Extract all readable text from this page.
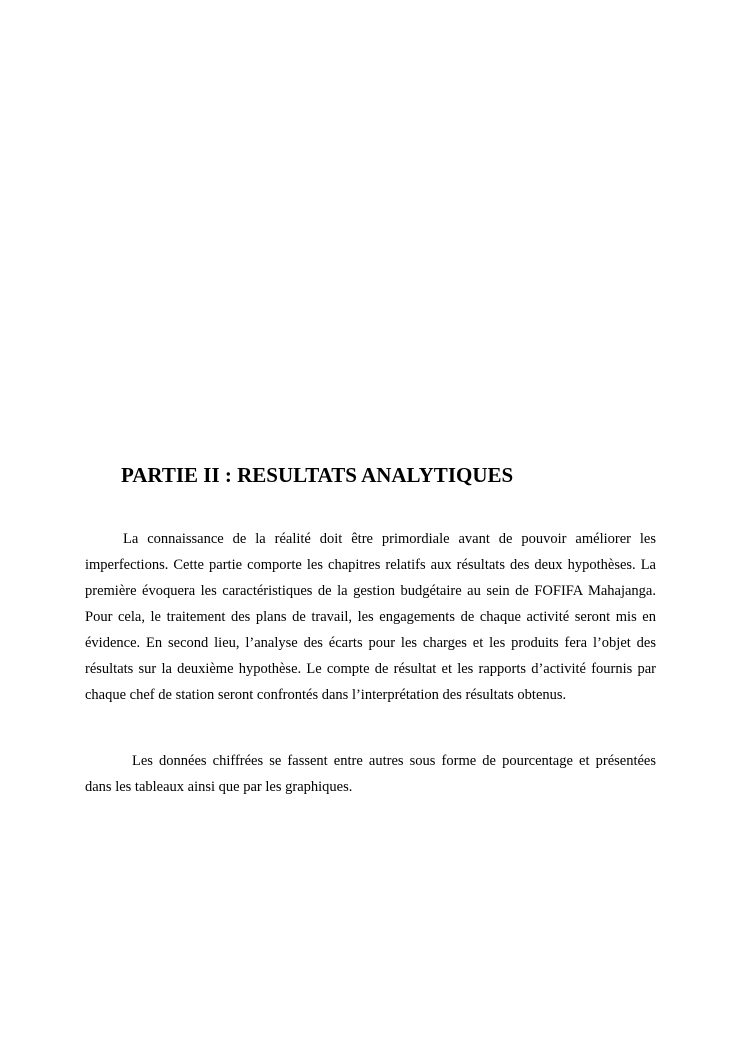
PARTIE II : RESULTATS ANALYTIQUES

La connaissance de la réalité doit être primordiale avant de pouvoir améliorer les imperfections. Cette partie comporte les chapitres relatifs aux résultats des deux hypothèses. La première évoquera les caractéristiques de la gestion budgétaire au sein de FOFIFA Mahajanga. Pour cela, le traitement des plans de travail, les engagements de chaque activité seront mis en évidence. En second lieu, l’analyse des écarts pour les charges et les produits fera l’objet des résultats sur la deuxième hypothèse. Le compte de résultat et les rapports d’activité fournis par chaque chef de station seront confrontés dans l’interprétation des résultats obtenus.

Les données chiffrées se fassent entre autres sous forme de pourcentage et présentées dans les tableaux ainsi que par les graphiques.
